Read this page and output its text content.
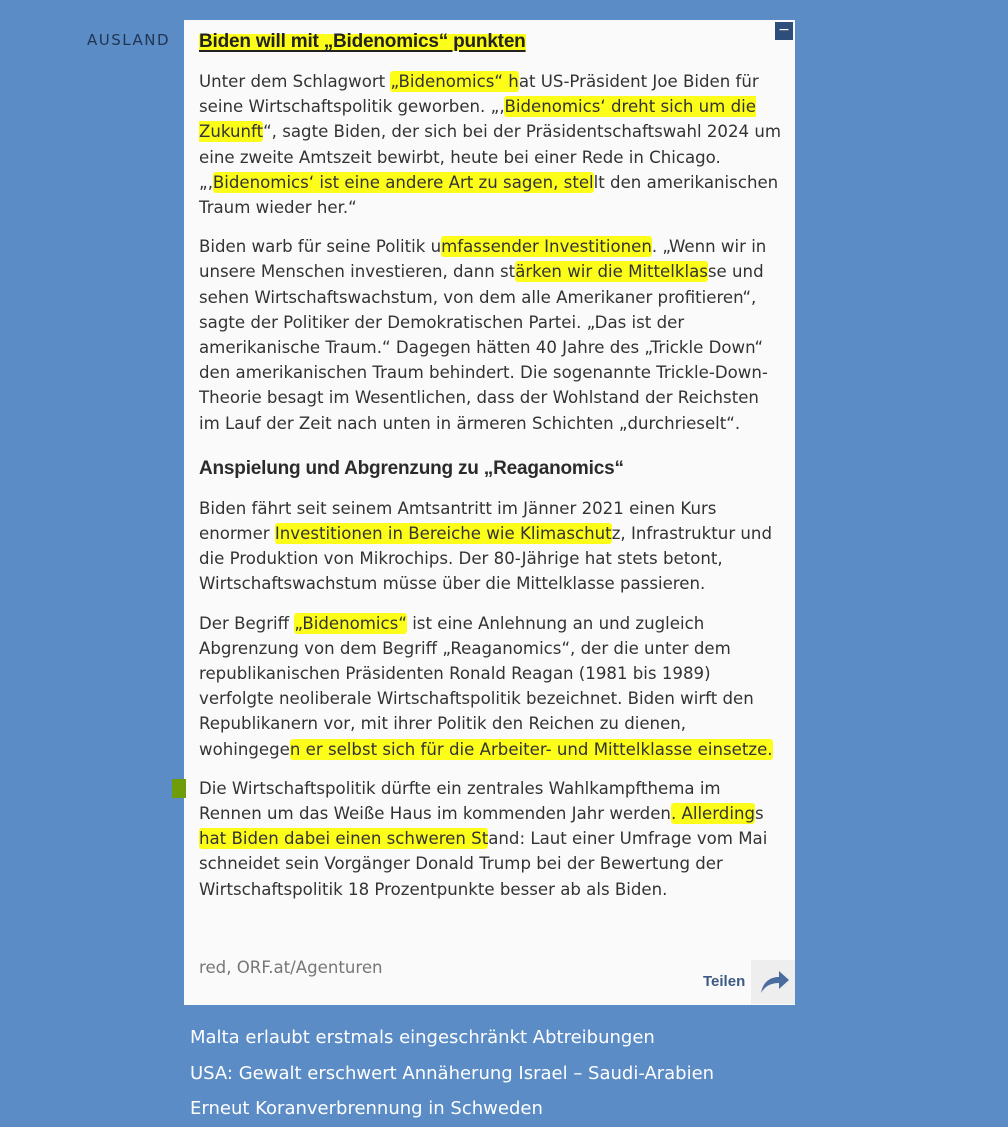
AUSLAND
−
Biden will mit „Bidenomics“ punkten

Unter dem Schlagwort „Bidenomics“ hat US-Präsident Joe Biden für seine Wirtschaftspolitik geworben. „‚Bidenomics‘ dreht sich um die Zukunft“, sagte Biden, der sich bei der Präsidentschaftswahl 2024 um eine zweite Amtszeit bewirbt, heute bei einer Rede in Chicago. „‚Bidenomics‘ ist eine andere Art zu sagen, stellt den amerikanischen Traum wieder her.“

Biden warb für seine Politik umfassender Investitionen. „Wenn wir in unsere Menschen investieren, dann stärken wir die Mittelklasse und sehen Wirtschaftswachstum, von dem alle Amerikaner profitieren“, sagte der Politiker der Demokratischen Partei. „Das ist der amerikanische Traum.“ Dagegen hätten 40 Jahre des „Trickle Down“ den amerikanischen Traum behindert. Die sogenannte Trickle-Down-Theorie besagt im Wesentlichen, dass der Wohlstand der Reichsten im Lauf der Zeit nach unten in ärmeren Schichten „durchrieselt“.

Anspielung und Abgrenzung zu „Reaganomics“

Biden fährt seit seinem Amtsantritt im Jänner 2021 einen Kurs enormer Investitionen in Bereiche wie Klimaschutz, Infrastruktur und die Produktion von Mikrochips. Der 80-Jährige hat stets betont, Wirtschaftswachstum müsse über die Mittelklasse passieren.

Der Begriff „Bidenomics“ ist eine Anlehnung an und zugleich Abgrenzung von dem Begriff „Reaganomics“, der die unter dem republikanischen Präsidenten Ronald Reagan (1981 bis 1989) verfolgte neoliberale Wirtschaftspolitik bezeichnet. Biden wirft den Republikanern vor, mit ihrer Politik den Reichen zu dienen, wohingegen er selbst sich für die Arbeiter- und Mittelklasse einsetze.

Die Wirtschaftspolitik dürfte ein zentrales Wahlkampfthema im Rennen um das Weiße Haus im kommenden Jahr werden. Allerdings hat Biden dabei einen schweren Stand: Laut einer Umfrage vom Mai schneidet sein Vorgänger Donald Trump bei der Bewertung der Wirtschaftspolitik 18 Prozentpunkte besser ab als Biden.

red, ORF.at/Agenturen
Teilen
Malta erlaubt erstmals eingeschränkt Abtreibungen
USA: Gewalt erschwert Annäherung Israel – Saudi-Arabien
Erneut Koranverbrennung in Schweden
